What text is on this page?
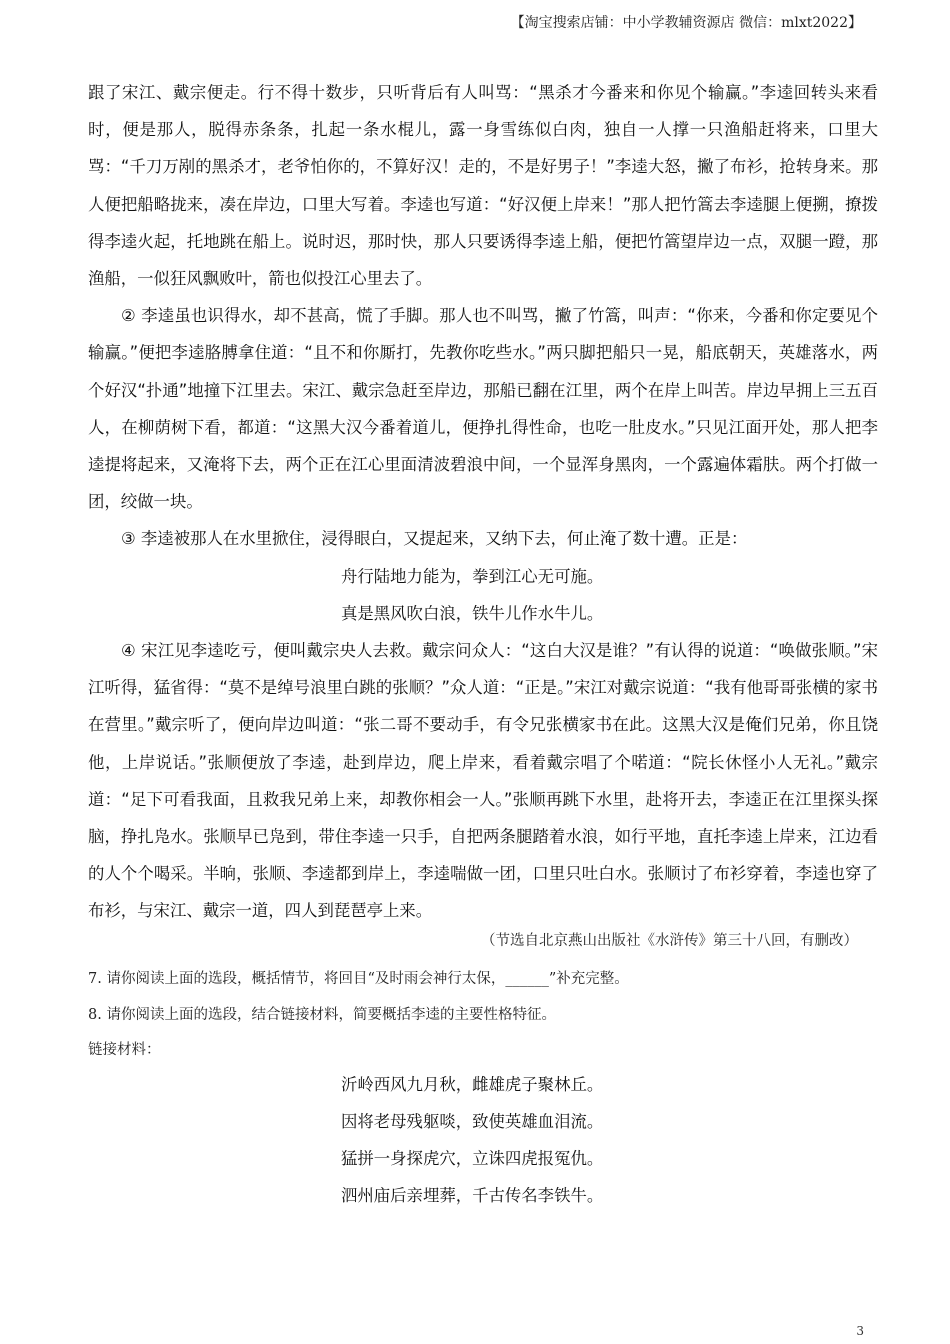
【淘宝搜索店铺：中小学教辅资源店 微信：mlxt2022】

跟了宋江、戴宗便走。行不得十数步，只听背后有人叫骂：“黑杀才今番来和你见个输赢。”李逵回转头来看时，便是那人，脱得赤条条，扎起一条水棍儿，露一身雪练似白肉，独自一人撑一只渔船赶将来，口里大骂：“千刀万剐的黑杀才，老爷怕你的，不算好汉！走的，不是好男子！”李逵大怒，撇了布衫，抢转身来。那人便把船略拢来，凑在岸边，口里大写着。李逵也写道：“好汉便上岸来！”那人把竹篙去李逵腿上便搠，撩拨得李逵火起，托地跳在船上。说时迟，那时快，那人只要诱得李逵上船，便把竹篙望岸边一点，双腿一蹬，那渔船，一似狂风飘败叶，箭也似投江心里去了。

② 李逵虽也识得水，却不甚高，慌了手脚。那人也不叫骂，撇了竹篙，叫声：“你来，今番和你定要见个输赢。”便把李逵胳膊拿住道：“且不和你厮打，先教你吃些水。”两只脚把船只一晃，船底朝天，英雄落水，两个好汉“扑通”地撞下江里去。宋江、戴宗急赶至岸边，那船已翻在江里，两个在岸上叫苦。岸边早拥上三五百人，在柳荫树下看，都道：“这黑大汉今番着道儿，便挣扎得性命，也吃一肚皮水。”只见江面开处，那人把李逵提将起来，又淹将下去，两个正在江心里面清波碧浪中间，一个显浑身黑肉，一个露遍体霜肤。两个打做一团，绞做一块。

③ 李逵被那人在水里掀住，浸得眼白，又提起来，又纳下去，何止淹了数十遭。正是：

舟行陆地力能为，拳到江心无可施。

真是黑风吹白浪，铁牛儿作水牛儿。

④ 宋江见李逵吃亏，便叫戴宗央人去救。戴宗问众人：“这白大汉是谁？”有认得的说道：“唤做张顺。”宋江听得，猛省得：“莫不是绰号浪里白跳的张顺？”众人道：“正是。”宋江对戴宗说道：“我有他哥哥张横的家书在营里。”戴宗听了，便向岸边叫道：“张二哥不要动手，有令兄张横家书在此。这黑大汉是俺们兄弟，你且饶他，上岸说话。”张顺便放了李逵，赴到岸边，爬上岸来，看着戴宗唱了个喏道：“院长休怪小人无礼。”戴宗道：“足下可看我面，且救我兄弟上来，却教你相会一人。”张顺再跳下水里，赴将开去，李逵正在江里探头探脑，挣扎凫水。张顺早已凫到，带住李逵一只手，自把两条腿踏着水浪，如行平地，直托李逵上岸来，江边看的人个个喝采。半晌，张顺、李逵都到岸上，李逵喘做一团，口里只吐白水。张顺讨了布衫穿着，李逵也穿了布衫，与宋江、戴宗一道，四人到琵琶亭上来。

（节选自北京燕山出版社《水浒传》第三十八回，有删改）

7. 请你阅读上面的选段，概括情节，将回目“及时雨会神行太保，______”补充完整。

8. 请你阅读上面的选段，结合链接材料，简要概括李逵的主要性格特征。

链接材料：

沂岭西风九月秋，雌雄虎子聚林丘。

因将老母残躯啖，致使英雄血泪流。

猛拼一身探虎穴，立诛四虎报冤仇。

泗州庙后亲埋葬，千古传名李铁牛。

3
